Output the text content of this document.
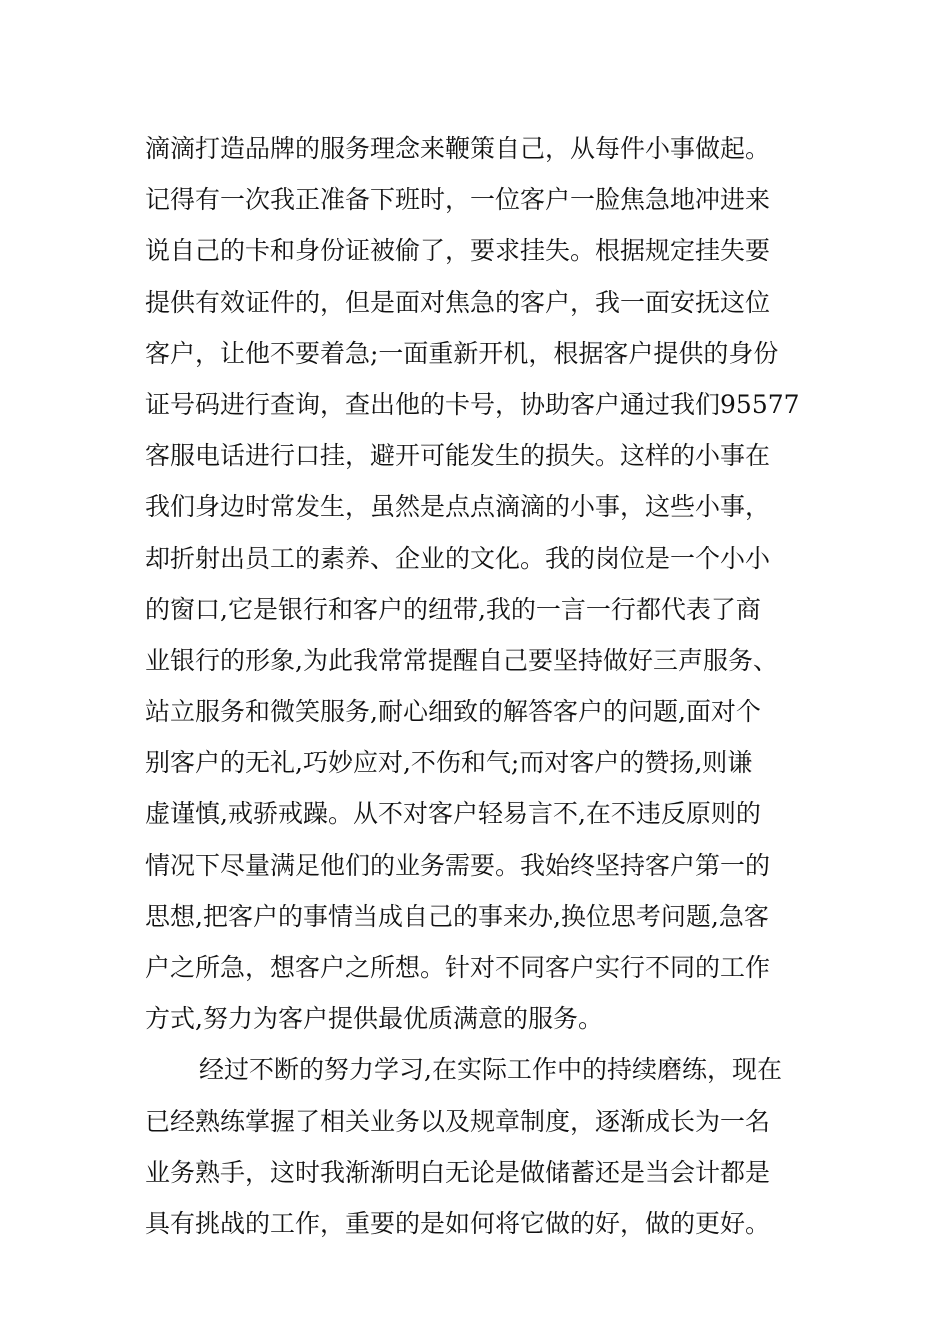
滴滴打造品牌的服务理念来鞭策自己，从每件小事做起。
记得有一次我正准备下班时，一位客户一脸焦急地冲进来
说自己的卡和身份证被偷了，要求挂失。根据规定挂失要
提供有效证件的，但是面对焦急的客户，我一面安抚这位
客户，让他不要着急;一面重新开机，根据客户提供的身份
证号码进行查询，查出他的卡号，协助客户通过我们95577
客服电话进行口挂，避开可能发生的损失。这样的小事在
我们身边时常发生，虽然是点点滴滴的小事，这些小事，
却折射出员工的素养、企业的文化。我的岗位是一个小小
的窗口,它是银行和客户的纽带,我的一言一行都代表了商
业银行的形象,为此我常常提醒自己要坚持做好三声服务、
站立服务和微笑服务,耐心细致的解答客户的问题,面对个
别客户的无礼,巧妙应对,不伤和气;而对客户的赞扬,则谦
虚谨慎,戒骄戒躁。从不对客户轻易言不,在不违反原则的
情况下尽量满足他们的业务需要。我始终坚持客户第一的
思想,把客户的事情当成自己的事来办,换位思考问题,急客
户之所急，想客户之所想。针对不同客户实行不同的工作
方式,努力为客户提供最优质满意的服务。
经过不断的努力学习,在实际工作中的持续磨练，现在
已经熟练掌握了相关业务以及规章制度，逐渐成长为一名
业务熟手，这时我渐渐明白无论是做储蓄还是当会计都是
具有挑战的工作，重要的是如何将它做的好，做的更好。
